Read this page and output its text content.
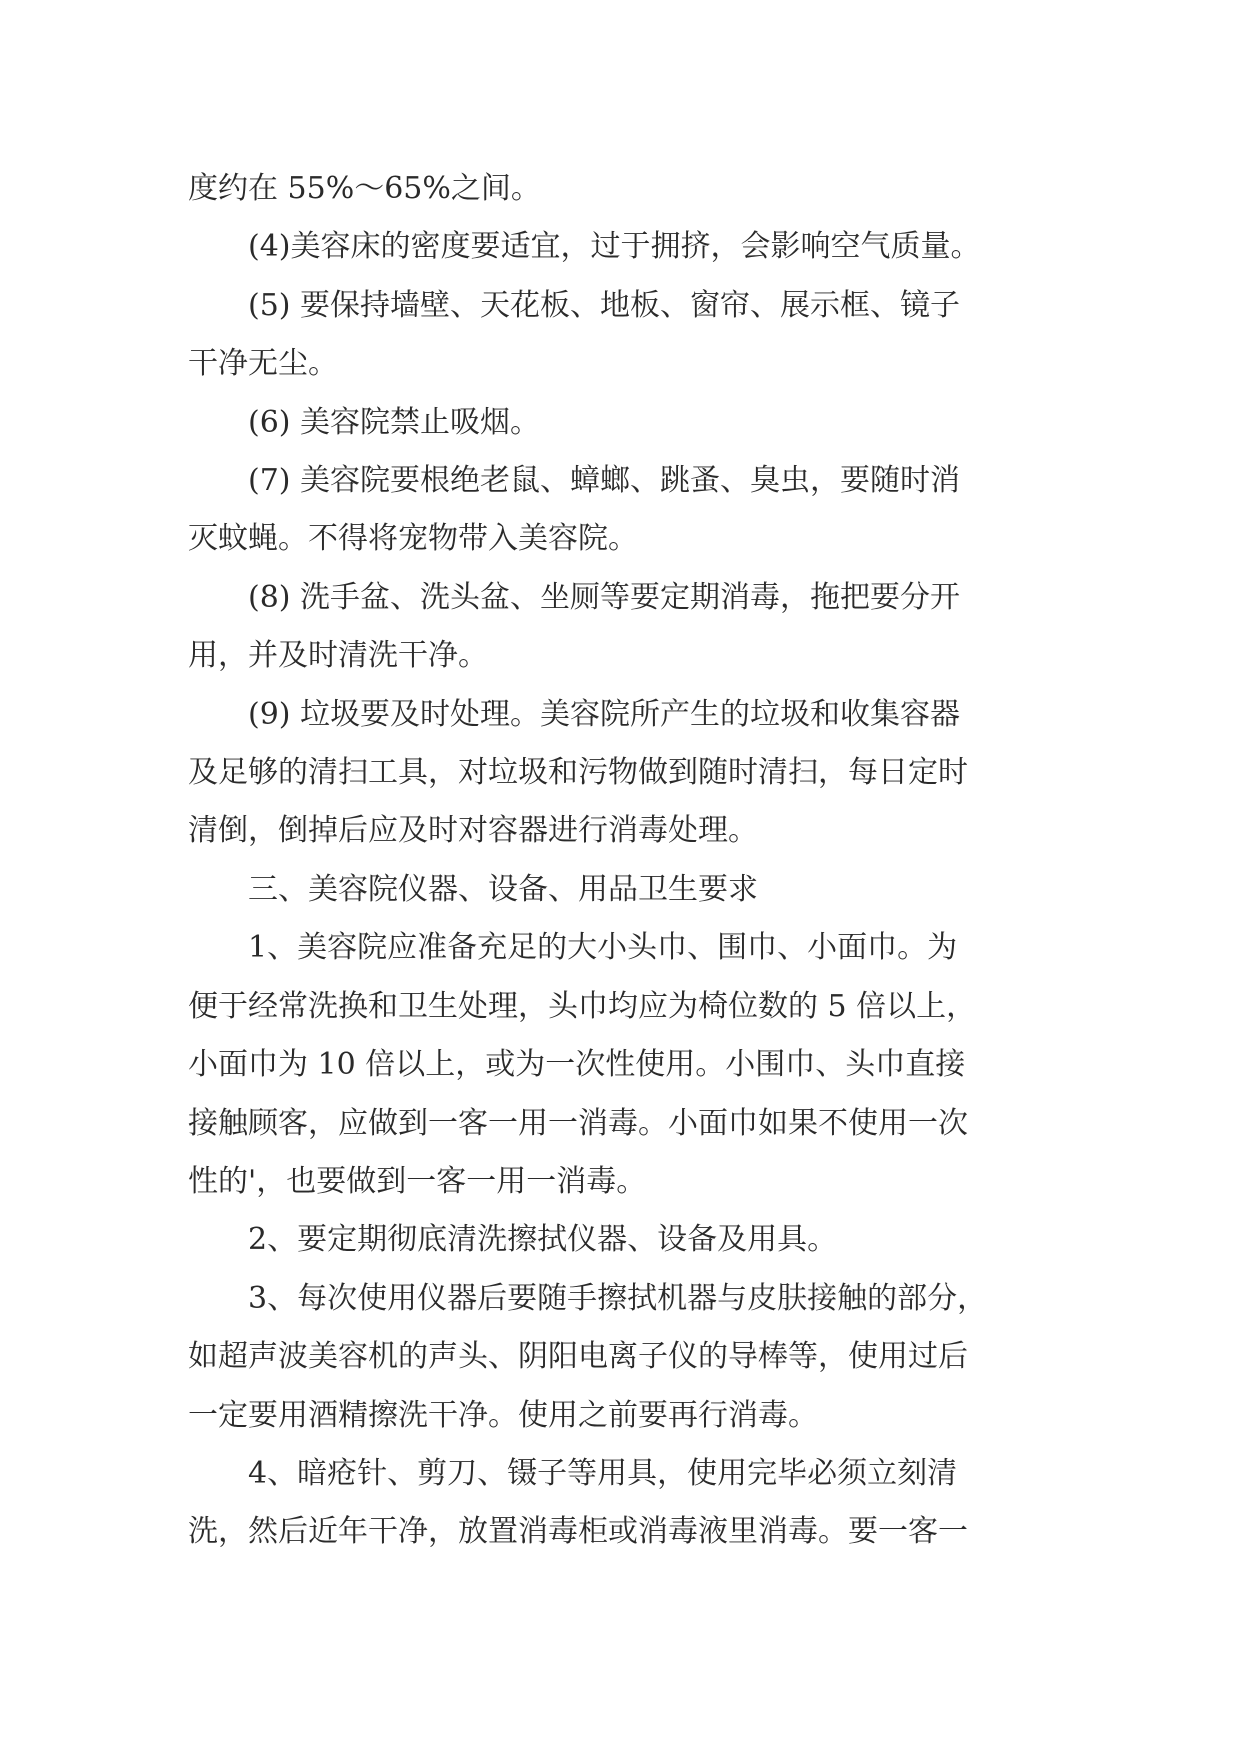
度约在 55%～65%之间。

(4)美容床的密度要适宜，过于拥挤，会影响空气质量。

(5) 要保持墙壁、天花板、地板、窗帘、展示框、镜子

干净无尘。

(6) 美容院禁止吸烟。

(7) 美容院要根绝老鼠、蟑螂、跳蚤、臭虫，要随时消

灭蚊蝇。不得将宠物带入美容院。

(8) 洗手盆、洗头盆、坐厕等要定期消毒，拖把要分开

用，并及时清洗干净。

(9) 垃圾要及时处理。美容院所产生的垃圾和收集容器

及足够的清扫工具，对垃圾和污物做到随时清扫，每日定时

清倒，倒掉后应及时对容器进行消毒处理。

三、美容院仪器、设备、用品卫生要求

1、美容院应准备充足的大小头巾、围巾、小面巾。为

便于经常洗换和卫生处理，头巾均应为椅位数的 5 倍以上，

小面巾为 10 倍以上，或为一次性使用。小围巾、头巾直接

接触顾客，应做到一客一用一消毒。小面巾如果不使用一次

性的'，也要做到一客一用一消毒。

2、要定期彻底清洗擦拭仪器、设备及用具。

3、每次使用仪器后要随手擦拭机器与皮肤接触的部分，

如超声波美容机的声头、阴阳电离子仪的导棒等，使用过后

一定要用酒精擦洗干净。使用之前要再行消毒。

4、暗疮针、剪刀、镊子等用具，使用完毕必须立刻清

洗，然后近年干净，放置消毒柜或消毒液里消毒。要一客一
